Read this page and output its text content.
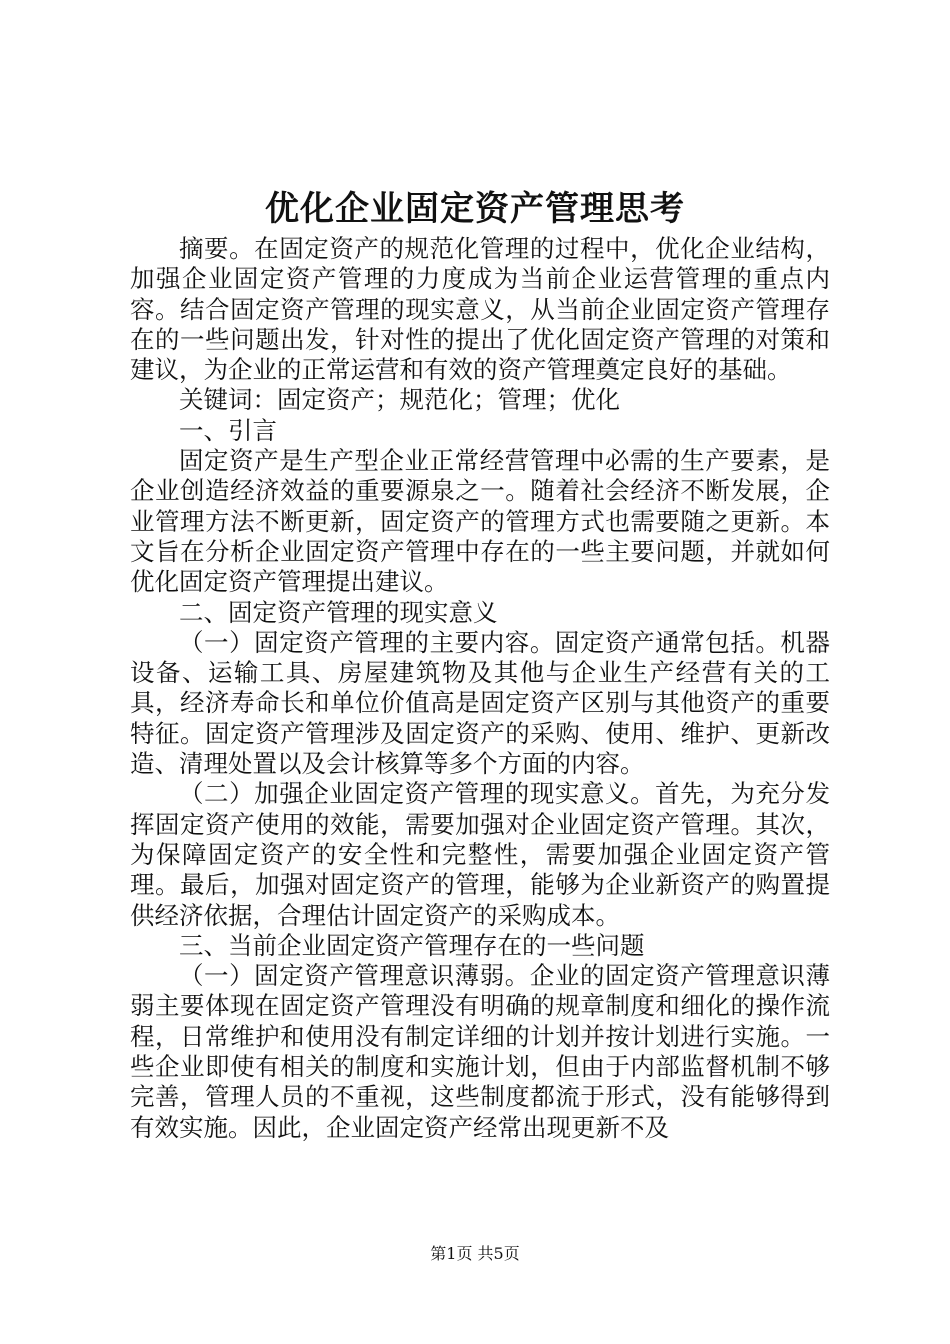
优化企业固定资产管理思考

摘要。在固定资产的规范化管理的过程中，优化企业结构，加强企业固定资产管理的力度成为当前企业运营管理的重点内容。结合固定资产管理的现实意义，从当前企业固定资产管理存在的一些问题出发，针对性的提出了优化固定资产管理的对策和建议，为企业的正常运营和有效的资产管理奠定良好的基础。

关键词：固定资产；规范化；管理；优化

一、引言

固定资产是生产型企业正常经营管理中必需的生产要素，是企业创造经济效益的重要源泉之一。随着社会经济不断发展，企业管理方法不断更新，固定资产的管理方式也需要随之更新。本文旨在分析企业固定资产管理中存在的一些主要问题，并就如何优化固定资产管理提出建议。

二、固定资产管理的现实意义

（一）固定资产管理的主要内容。固定资产通常包括。机器设备、运输工具、房屋建筑物及其他与企业生产经营有关的工具，经济寿命长和单位价值高是固定资产区别与其他资产的重要特征。固定资产管理涉及固定资产的采购、使用、维护、更新改造、清理处置以及会计核算等多个方面的内容。

（二）加强企业固定资产管理的现实意义。首先，为充分发挥固定资产使用的效能，需要加强对企业固定资产管理。其次，为保障固定资产的安全性和完整性，需要加强企业固定资产管理。最后，加强对固定资产的管理，能够为企业新资产的购置提供经济依据，合理估计固定资产的采购成本。

三、当前企业固定资产管理存在的一些问题

（一）固定资产管理意识薄弱。企业的固定资产管理意识薄弱主要体现在固定资产管理没有明确的规章制度和细化的操作流程，日常维护和使用没有制定详细的计划并按计划进行实施。一些企业即使有相关的制度和实施计划，但由于内部监督机制不够完善，管理人员的不重视，这些制度都流于形式，没有能够得到有效实施。因此，企业固定资产经常出现更新不及

第1页 共5页
